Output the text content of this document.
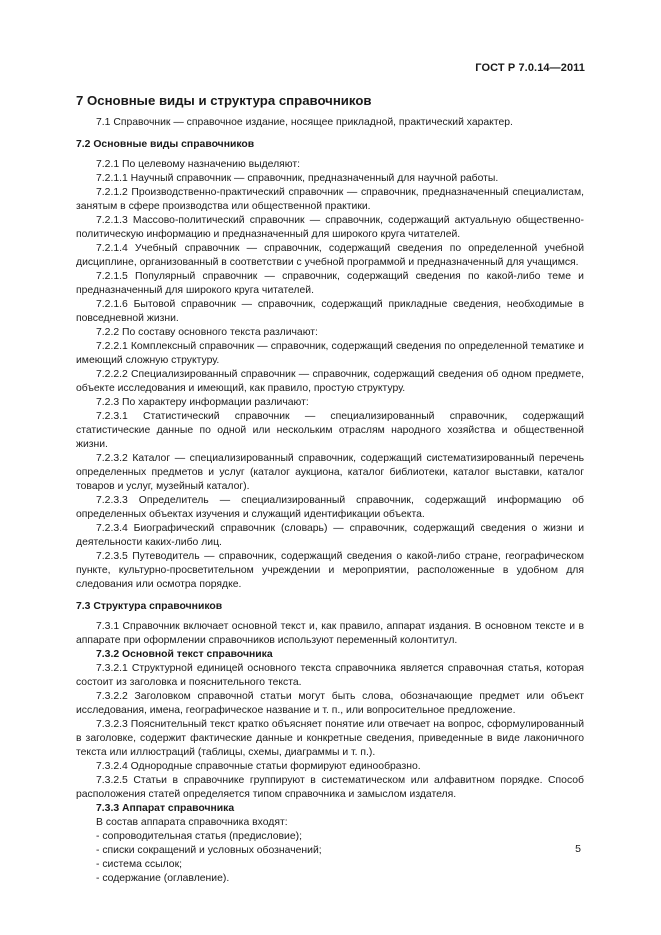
ГОСТ Р 7.0.14—2011
7 Основные виды и структура справочников

7.1 Справочник — справочное издание, носящее прикладной, практический характер.

7.2 Основные виды справочников

7.2.1 По целевому назначению выделяют:

7.2.1.1 Научный справочник — справочник, предназначенный для научной работы.

7.2.1.2 Производственно-практический справочник — справочник, предназначенный специалистам, занятым в сфере производства или общественной практики.

7.2.1.3 Массово-политический справочник — справочник, содержащий актуальную общественно-политическую информацию и предназначенный для широкого круга читателей.

7.2.1.4 Учебный справочник — справочник, содержащий сведения по определенной учебной дисциплине, организованный в соответствии с учебной программой и предназначенный для учащимся.

7.2.1.5 Популярный справочник — справочник, содержащий сведения по какой-либо теме и предназначенный для широкого круга читателей.

7.2.1.6 Бытовой справочник — справочник, содержащий прикладные сведения, необходимые в повседневной жизни.

7.2.2 По составу основного текста различают:

7.2.2.1 Комплексный справочник — справочник, содержащий сведения по определенной тематике и имеющий сложную структуру.

7.2.2.2 Специализированный справочник — справочник, содержащий сведения об одном предмете, объекте исследования и имеющий, как правило, простую структуру.

7.2.3 По характеру информации различают:

7.2.3.1 Статистический справочник — специализированный справочник, содержащий статистические данные по одной или нескольким отраслям народного хозяйства и общественной жизни.

7.2.3.2 Каталог — специализированный справочник, содержащий систематизированный перечень определенных предметов и услуг (каталог аукциона, каталог библиотеки, каталог выставки, каталог товаров и услуг, музейный каталог).

7.2.3.3 Определитель — специализированный справочник, содержащий информацию об определенных объектах изучения и служащий идентификации объекта.

7.2.3.4 Биографический справочник (словарь) — справочник, содержащий сведения о жизни и деятельности каких-либо лиц.

7.2.3.5 Путеводитель — справочник, содержащий сведения о какой-либо стране, географическом пункте, культурно-просветительном учреждении и мероприятии, расположенные в удобном для следования или осмотра порядке.

7.3 Структура справочников

7.3.1 Справочник включает основной текст и, как правило, аппарат издания. В основном тексте и в аппарате при оформлении справочников используют переменный колонтитул.

7.3.2 Основной текст справочника

7.3.2.1 Структурной единицей основного текста справочника является справочная статья, которая состоит из заголовка и пояснительного текста.

7.3.2.2 Заголовком справочной статьи могут быть слова, обозначающие предмет или объект исследования, имена, географическое название и т. п., или вопросительное предложение.

7.3.2.3 Пояснительный текст кратко объясняет понятие или отвечает на вопрос, сформулированный в заголовке, содержит фактические данные и конкретные сведения, приведенные в виде лаконичного текста или иллюстраций (таблицы, схемы, диаграммы и т. п.).

7.3.2.4 Однородные справочные статьи формируют единообразно.

7.3.2.5 Статьи в справочнике группируют в систематическом или алфавитном порядке. Способ расположения статей определяется типом справочника и замыслом издателя.

7.3.3 Аппарат справочника

В состав аппарата справочника входят:

- сопроводительная статья (предисловие);
- списки сокращений и условных обозначений;
- система ссылок;
- содержание (оглавление).
5
